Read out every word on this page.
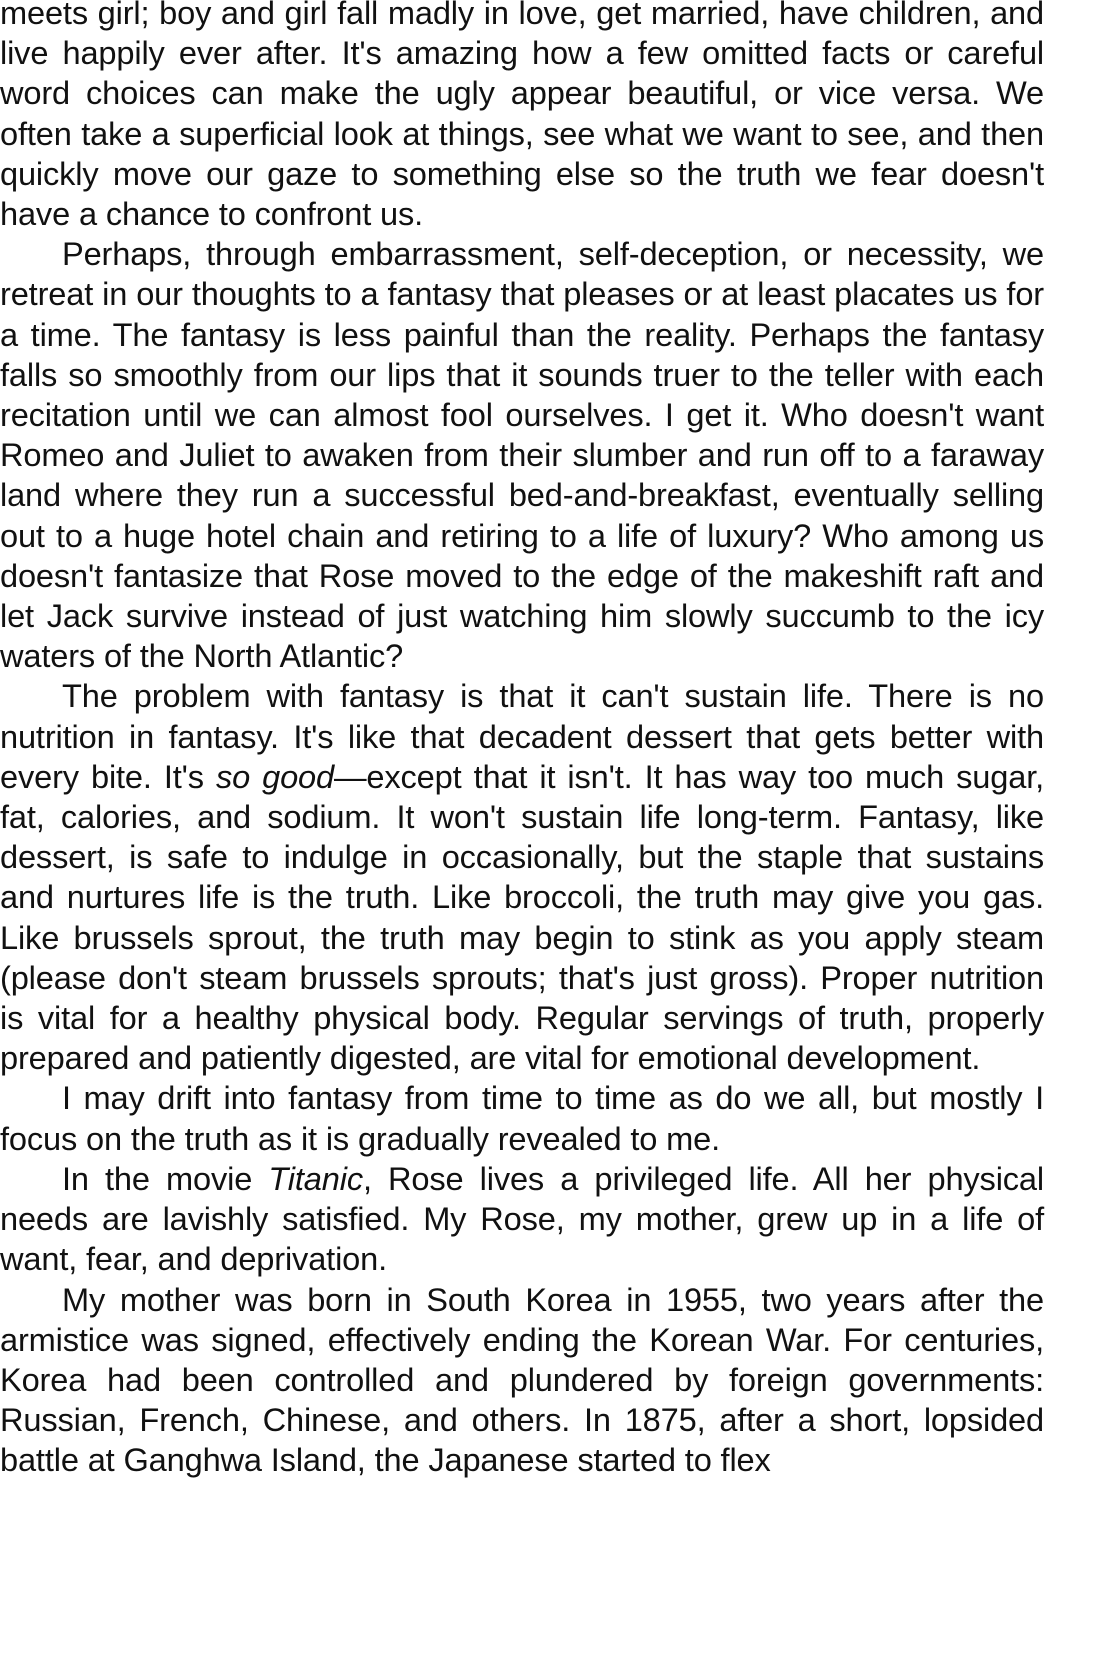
meets girl; boy and girl fall madly in love, get married, have children, and live happily ever after. It's amazing how a few omitted facts or careful word choices can make the ugly appear beautiful, or vice versa. We often take a superficial look at things, see what we want to see, and then quickly move our gaze to something else so the truth we fear doesn't have a chance to confront us.

Perhaps, through embarrassment, self-deception, or necessity, we retreat in our thoughts to a fantasy that pleases or at least placates us for a time. The fantasy is less painful than the reality. Perhaps the fantasy falls so smoothly from our lips that it sounds truer to the teller with each recitation until we can almost fool ourselves. I get it. Who doesn't want Romeo and Juliet to awaken from their slumber and run off to a faraway land where they run a successful bed-and-breakfast, eventually selling out to a huge hotel chain and retiring to a life of luxury? Who among us doesn't fantasize that Rose moved to the edge of the makeshift raft and let Jack survive instead of just watching him slowly succumb to the icy waters of the North Atlantic?

The problem with fantasy is that it can't sustain life. There is no nutrition in fantasy. It's like that decadent dessert that gets better with every bite. It's so good—except that it isn't. It has way too much sugar, fat, calories, and sodium. It won't sustain life long-term. Fantasy, like dessert, is safe to indulge in occasionally, but the staple that sustains and nurtures life is the truth. Like broccoli, the truth may give you gas. Like brussels sprout, the truth may begin to stink as you apply steam (please don't steam brussels sprouts; that's just gross). Proper nutrition is vital for a healthy physical body. Regular servings of truth, properly prepared and patiently digested, are vital for emotional development.

I may drift into fantasy from time to time as do we all, but mostly I focus on the truth as it is gradually revealed to me.

In the movie Titanic, Rose lives a privileged life. All her physical needs are lavishly satisfied. My Rose, my mother, grew up in a life of want, fear, and deprivation.

My mother was born in South Korea in 1955, two years after the armistice was signed, effectively ending the Korean War. For centuries, Korea had been controlled and plundered by foreign governments: Russian, French, Chinese, and others. In 1875, after a short, lopsided battle at Ganghwa Island, the Japanese started to flex
